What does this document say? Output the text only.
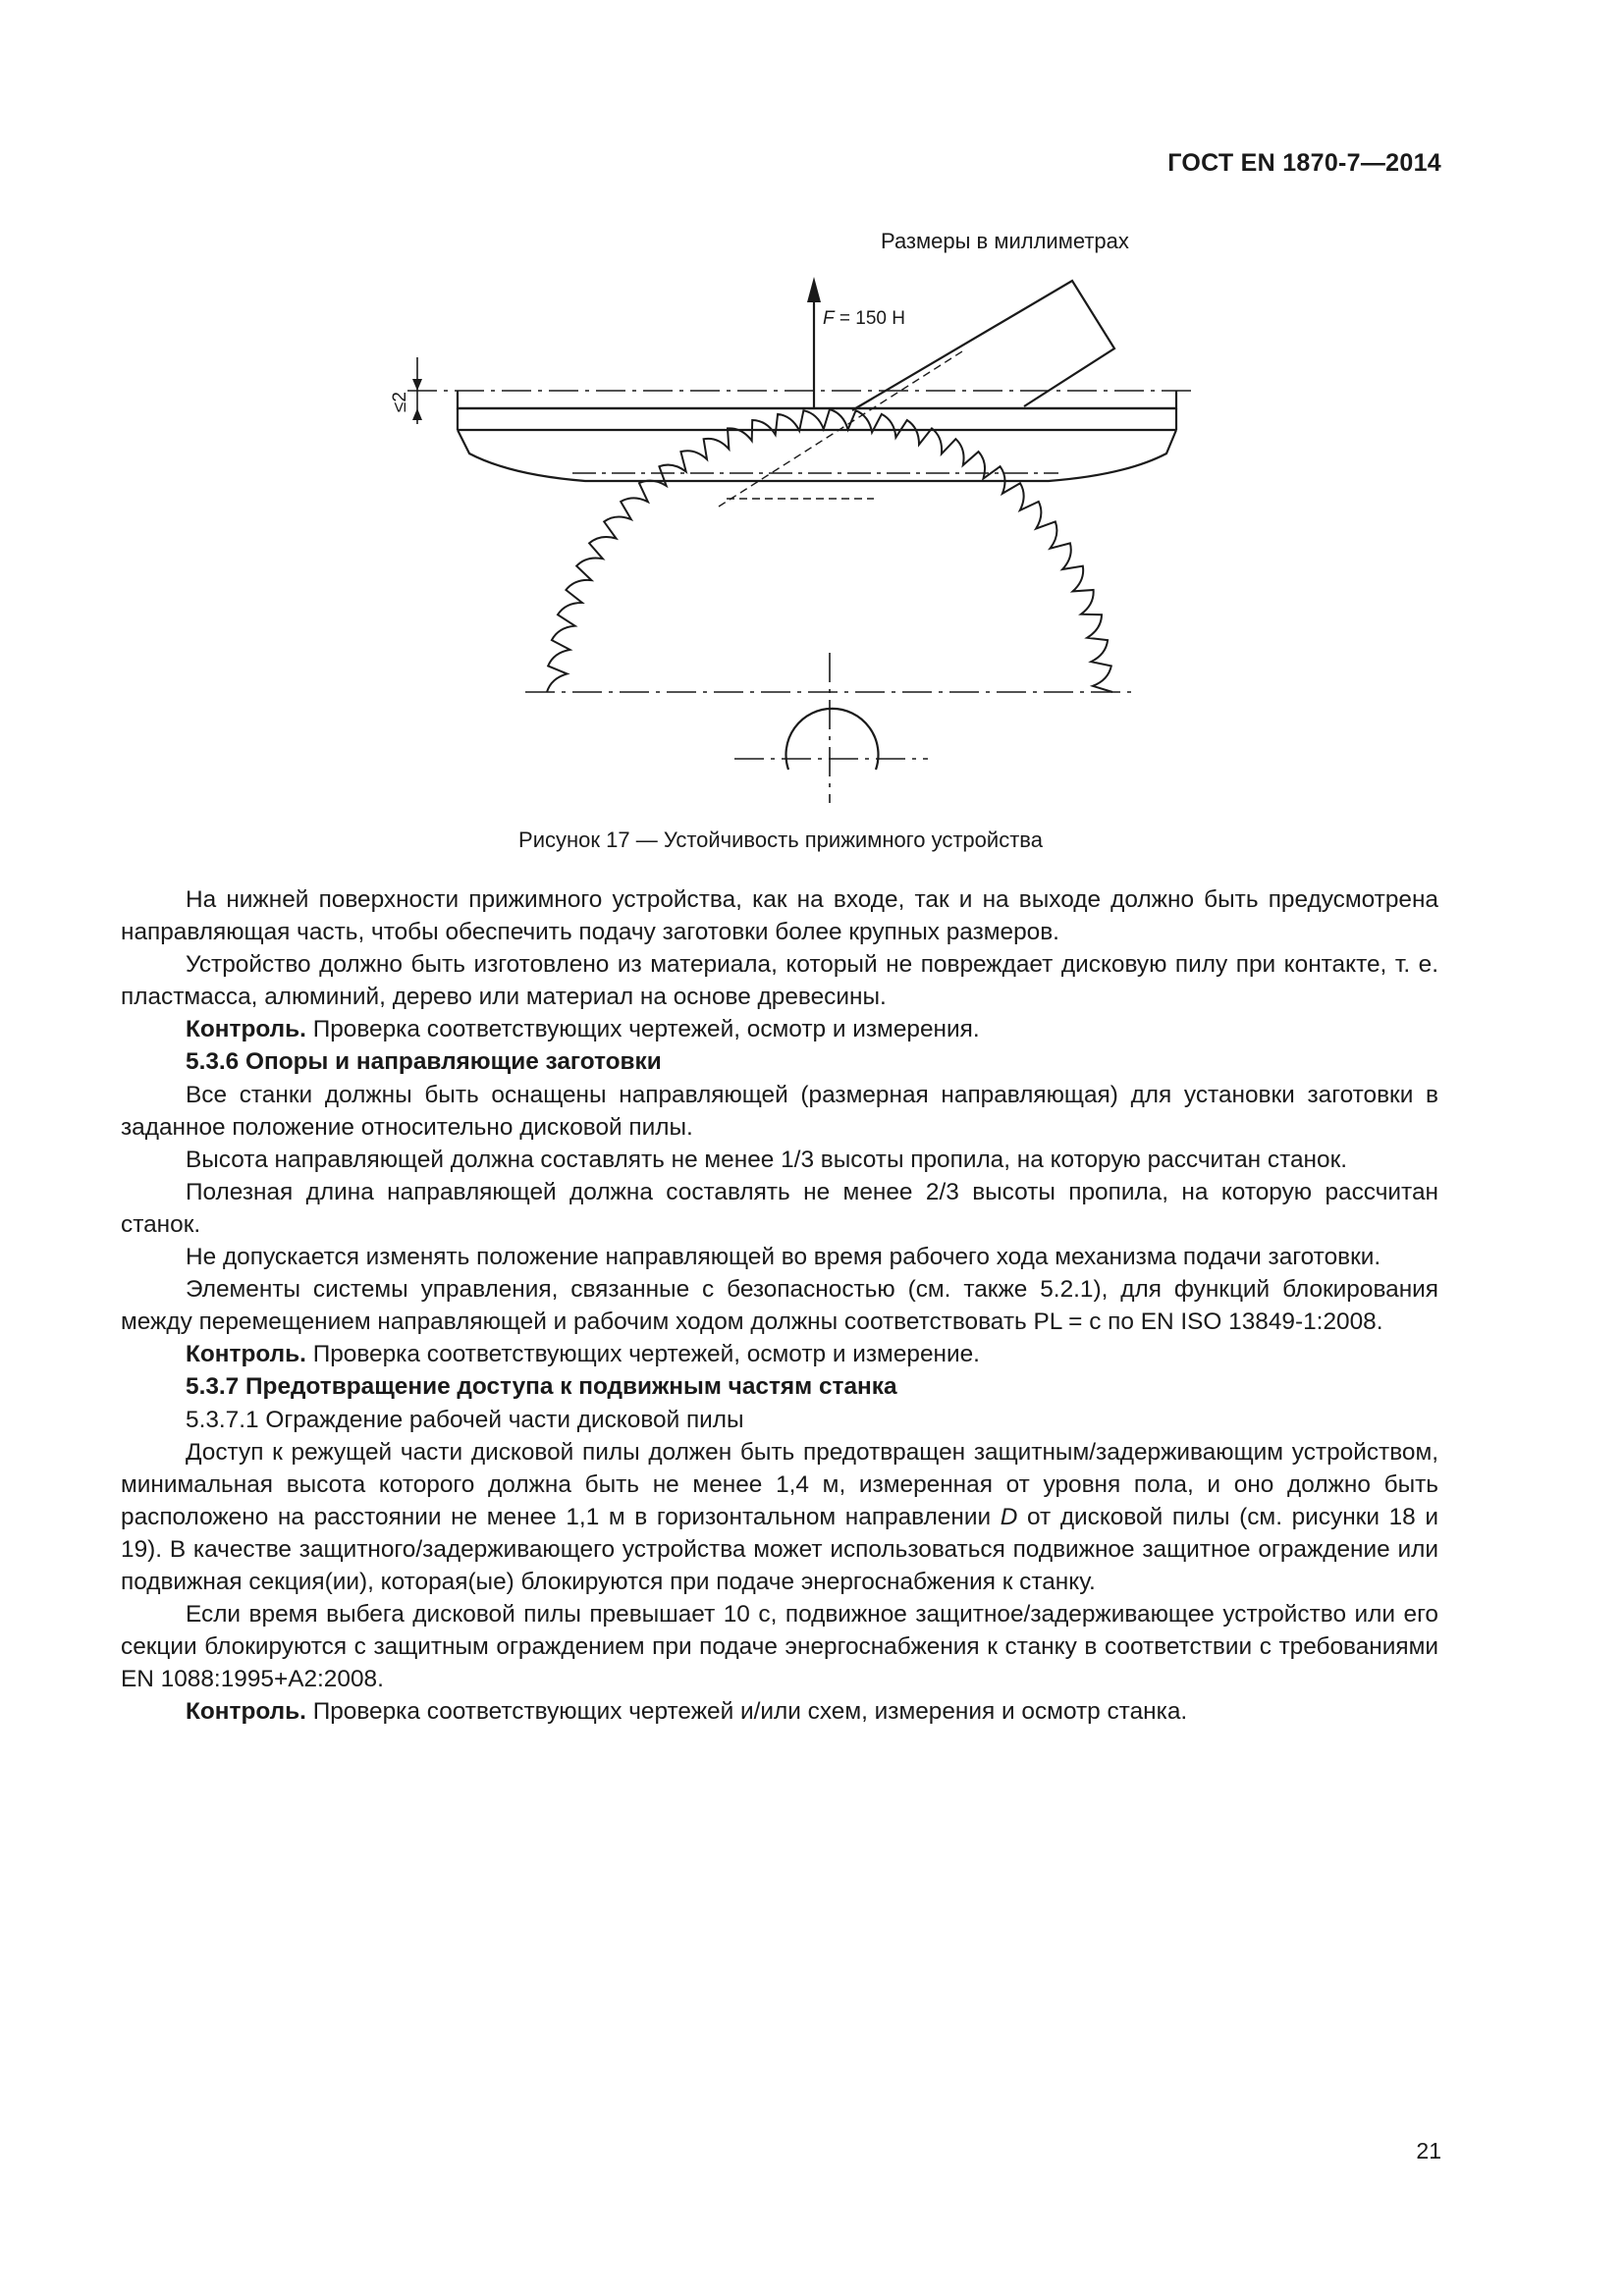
ГОСТ EN 1870-7—2014
Размеры в миллиметрах
F = 150 Н
≤2
Рисунок 17 — Устойчивость прижимного устройства

На нижней поверхности прижимного устройства, как на входе, так и на выходе должно быть предусмотрена направляющая часть, чтобы обеспечить подачу заготовки более крупных размеров.

Устройство должно быть изготовлено из материала, который не повреждает дисковую пилу при контакте, т. е. пластмасса, алюминий, дерево или материал на основе древесины.

Контроль. Проверка соответствующих чертежей, осмотр и измерения.

5.3.6 Опоры и направляющие заготовки

Все станки должны быть оснащены направляющей (размерная направляющая) для установки заготовки в заданное положение относительно дисковой пилы.

Высота направляющей должна составлять не менее 1/3 высоты пропила, на которую рассчитан станок.

Полезная длина направляющей должна составлять не менее 2/3 высоты пропила, на которую рассчитан станок.

Не допускается изменять положение направляющей во время рабочего хода механизма подачи заготовки.

Элементы системы управления, связанные с безопасностью (см. также 5.2.1), для функций блокирования между перемещением направляющей и рабочим ходом должны соответствовать PL = c по EN ISO 13849-1:2008.

Контроль. Проверка соответствующих чертежей, осмотр и измерение.

5.3.7 Предотвращение доступа к подвижным частям станка

5.3.7.1 Ограждение рабочей части дисковой пилы

Доступ к режущей части дисковой пилы должен быть предотвращен защитным/задерживающим устройством, минимальная высота которого должна быть не менее 1,4 м, измеренная от уровня пола, и оно должно быть расположено на расстоянии не менее 1,1 м в горизонтальном направлении D от дисковой пилы (см. рисунки 18 и 19). В качестве защитного/задерживающего устройства может использоваться подвижное защитное ограждение или подвижная секция(ии), которая(ые) блокируются при подаче энергоснабжения к станку.

Если время выбега дисковой пилы превышает 10 с, подвижное защитное/задерживающее устройство или его секции блокируются с защитным ограждением при подаче энергоснабжения к станку в соответствии с требованиями EN 1088:1995+A2:2008.

Контроль. Проверка соответствующих чертежей и/или схем, измерения и осмотр станка.

21
